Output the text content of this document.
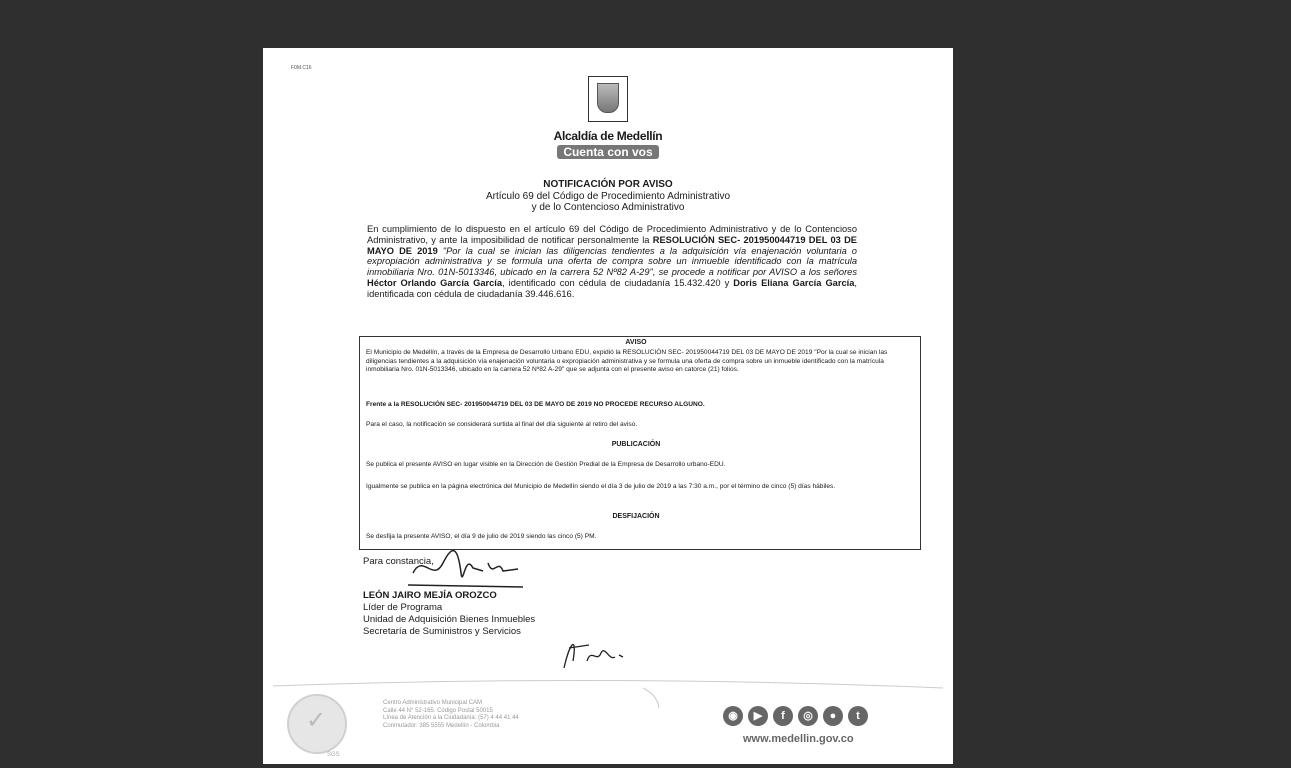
F0M.C16
Alcaldía de Medellín
Cuenta con vos
NOTIFICACIÓN POR AVISO
Artículo 69 del Código de Procedimiento Administrativo
y de lo Contencioso Administrativo
En cumplimiento de lo dispuesto en el artículo 69 del Código de Procedimiento Administrativo y de lo Contencioso Administrativo, y ante la imposibilidad de notificar personalmente la RESOLUCIÓN SEC- 201950044719 DEL 03 DE MAYO DE 2019 "Por la cual se inician las diligencias tendientes a la adquisición vía enajenación voluntaria o expropiación administrativa y se formula una oferta de compra sobre un inmueble identificado con la matrícula inmobiliaria Nro. 01N-5013346, ubicado en la carrera 52 Nº82 A-29", se procede a notificar por AVISO a los señores Héctor Orlando García García, identificado con cédula de ciudadanía 15.432.420 y Doris Eliana García García, identificada con cédula de ciudadanía 39.446.616.

AVISO

El Municipio de Medellín, a través de la Empresa de Desarrollo Urbano EDU, expidió la RESOLUCIÓN SEC- 201950044719 DEL 03 DE MAYO DE 2019 "Por la cual se inician las diligencias tendientes a la adquisición vía enajenación voluntaria o expropiación administrativa y se formula una oferta de compra sobre un inmueble identificado con la matrícula inmobiliaria Nro. 01N-5013346, ubicado en la carrera 52 Nº82 A-29" que se adjunta con el presente aviso en catorce (21) folios.

Frente a la RESOLUCIÓN SEC- 201950044719 DEL 03 DE MAYO DE 2019 NO PROCEDE RECURSO ALGUNO.

Para el caso, la notificación se considerará surtida al final del día siguiente al retiro del aviso.

PUBLICACIÓN

Se publica el presente AVISO en lugar visible en la Dirección de Gestión Predial de la Empresa de Desarrollo urbano-EDU.

Igualmente se publica en la página electrónica del Municipio de Medellín siendo el día 3 de julio de 2019 a las 7:30 a.m., por el término de cinco (5) días hábiles.

DESFIJACIÓN

Se desfija la presente AVISO, el día 9 de julio de 2019 siendo las cinco (5) PM.

Para constancia,
LEÓN JAIRO MEJÍA OROZCO
Líder de Programa
Unidad de Adquisición Bienes Inmuebles
Secretaría de Suministros y Servicios
✓
SGS
Centro Administrativo Municipal CAM
Calle 44 N° 52-165. Código Postal 50015
Línea de Atención a la Ciudadanía: (57) 4 44 41 44
Conmutador: 385 5555 Medellín - Colombia
◉ ▶ f ◎ ● t
www.medellin.gov.co
